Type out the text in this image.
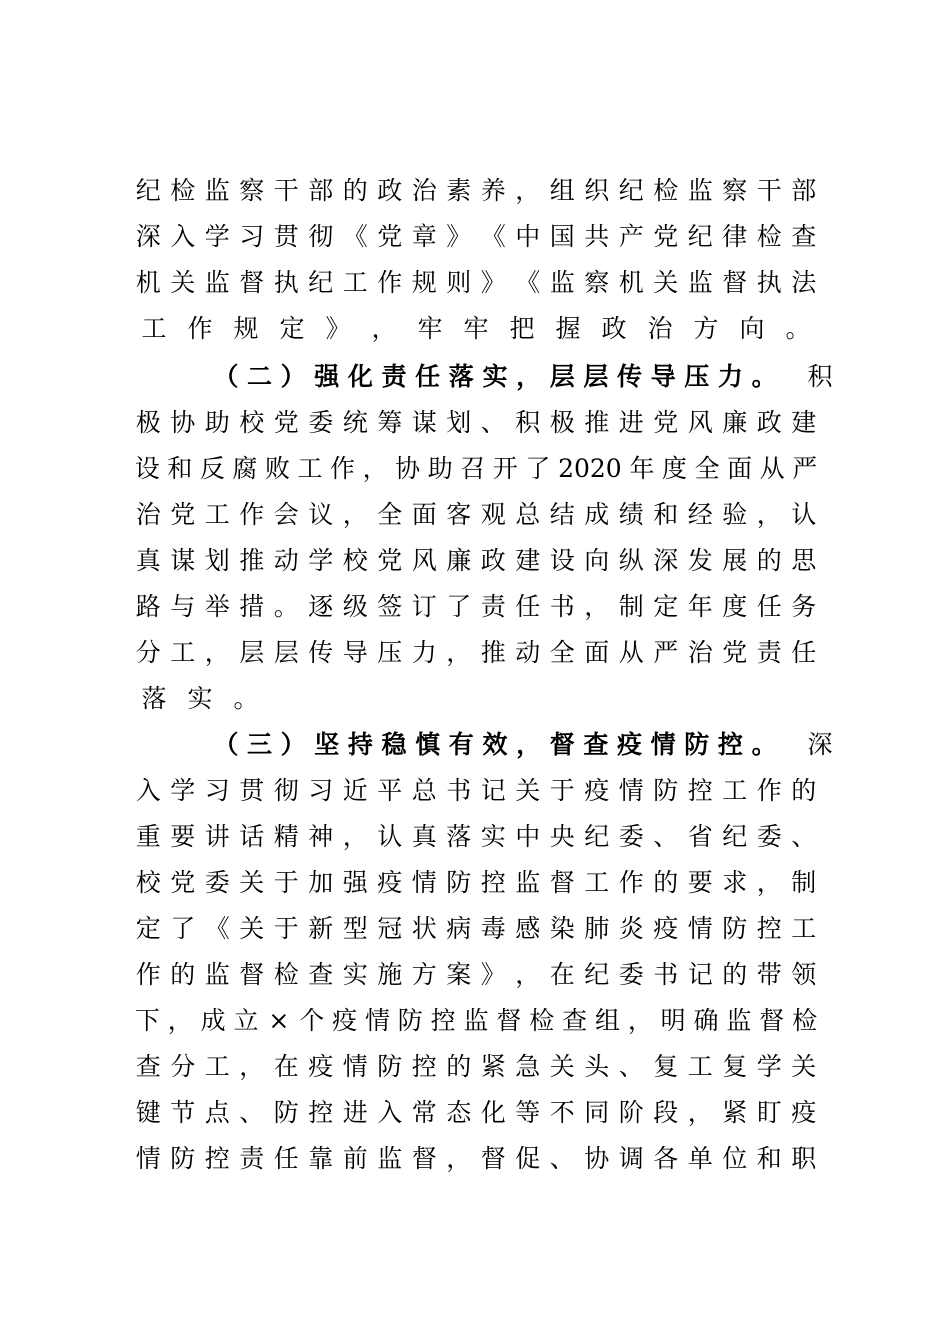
纪 检 监 察 干 部 的 政 治 素 养 ， 组 织 纪 检 监 察 干 部
深 入 学 习 贯 彻 《 党 章 》 《 中 国 共 产 党 纪 律 检 查
机 关 监 督 执 纪 工 作 规 则 》 《 监 察 机 关 监 督 执 法
工 作 规 定 》 ， 牢 牢 把 握 政 治 方 向 。
（ 二 ） 强 化 责 任 落 实 ， 层 层 传 导 压 力 。	积
极 协 助 校 党 委 统 筹 谋 划 、 积 极 推 进 党 风 廉 政 建
设 和 反 腐 败 工 作 ， 协 助 召 开 了 2020 年 度 全 面 从 严
治 党 工 作 会 议 ， 全 面 客 观 总 结 成 绩 和 经 验 ， 认
真 谋 划 推 动 学 校 党 风 廉 政 建 设 向 纵 深 发 展 的 思
路 与 举 措 。 逐 级 签 订 了 责 任 书 ， 制 定 年 度 任 务
分 工 ， 层 层 传 导 压 力 ， 推 动 全 面 从 严 治 党 责 任
落 实 。
（ 三 ） 坚 持 稳 慎 有 效 ， 督 查 疫 情 防 控 。	深
入 学 习 贯 彻 习 近 平 总 书 记 关 于 疫 情 防 控 工 作 的
重 要 讲 话 精 神 ， 认 真 落 实 中 央 纪 委 、 省 纪 委 、
校 党 委 关 于 加 强 疫 情 防 控 监 督 工 作 的 要 求 ， 制
定 了 《 关 于 新 型 冠 状 病 毒 感 染 肺 炎 疫 情 防 控 工
作 的 监 督 检 查 实 施 方 案 》 ， 在 纪 委 书 记 的 带 领
下 ， 成 立 × 个 疫 情 防 控 监 督 检 查 组 ， 明 确 监 督 检
查 分 工 ， 在 疫 情 防 控 的 紧 急 关 头 、 复 工 复 学 关
键 节 点 、 防 控 进 入 常 态 化 等 不 同 阶 段 ， 紧 盯 疫
情 防 控 责 任 靠 前 监 督 ， 督 促 、 协 调 各 单 位 和 职
